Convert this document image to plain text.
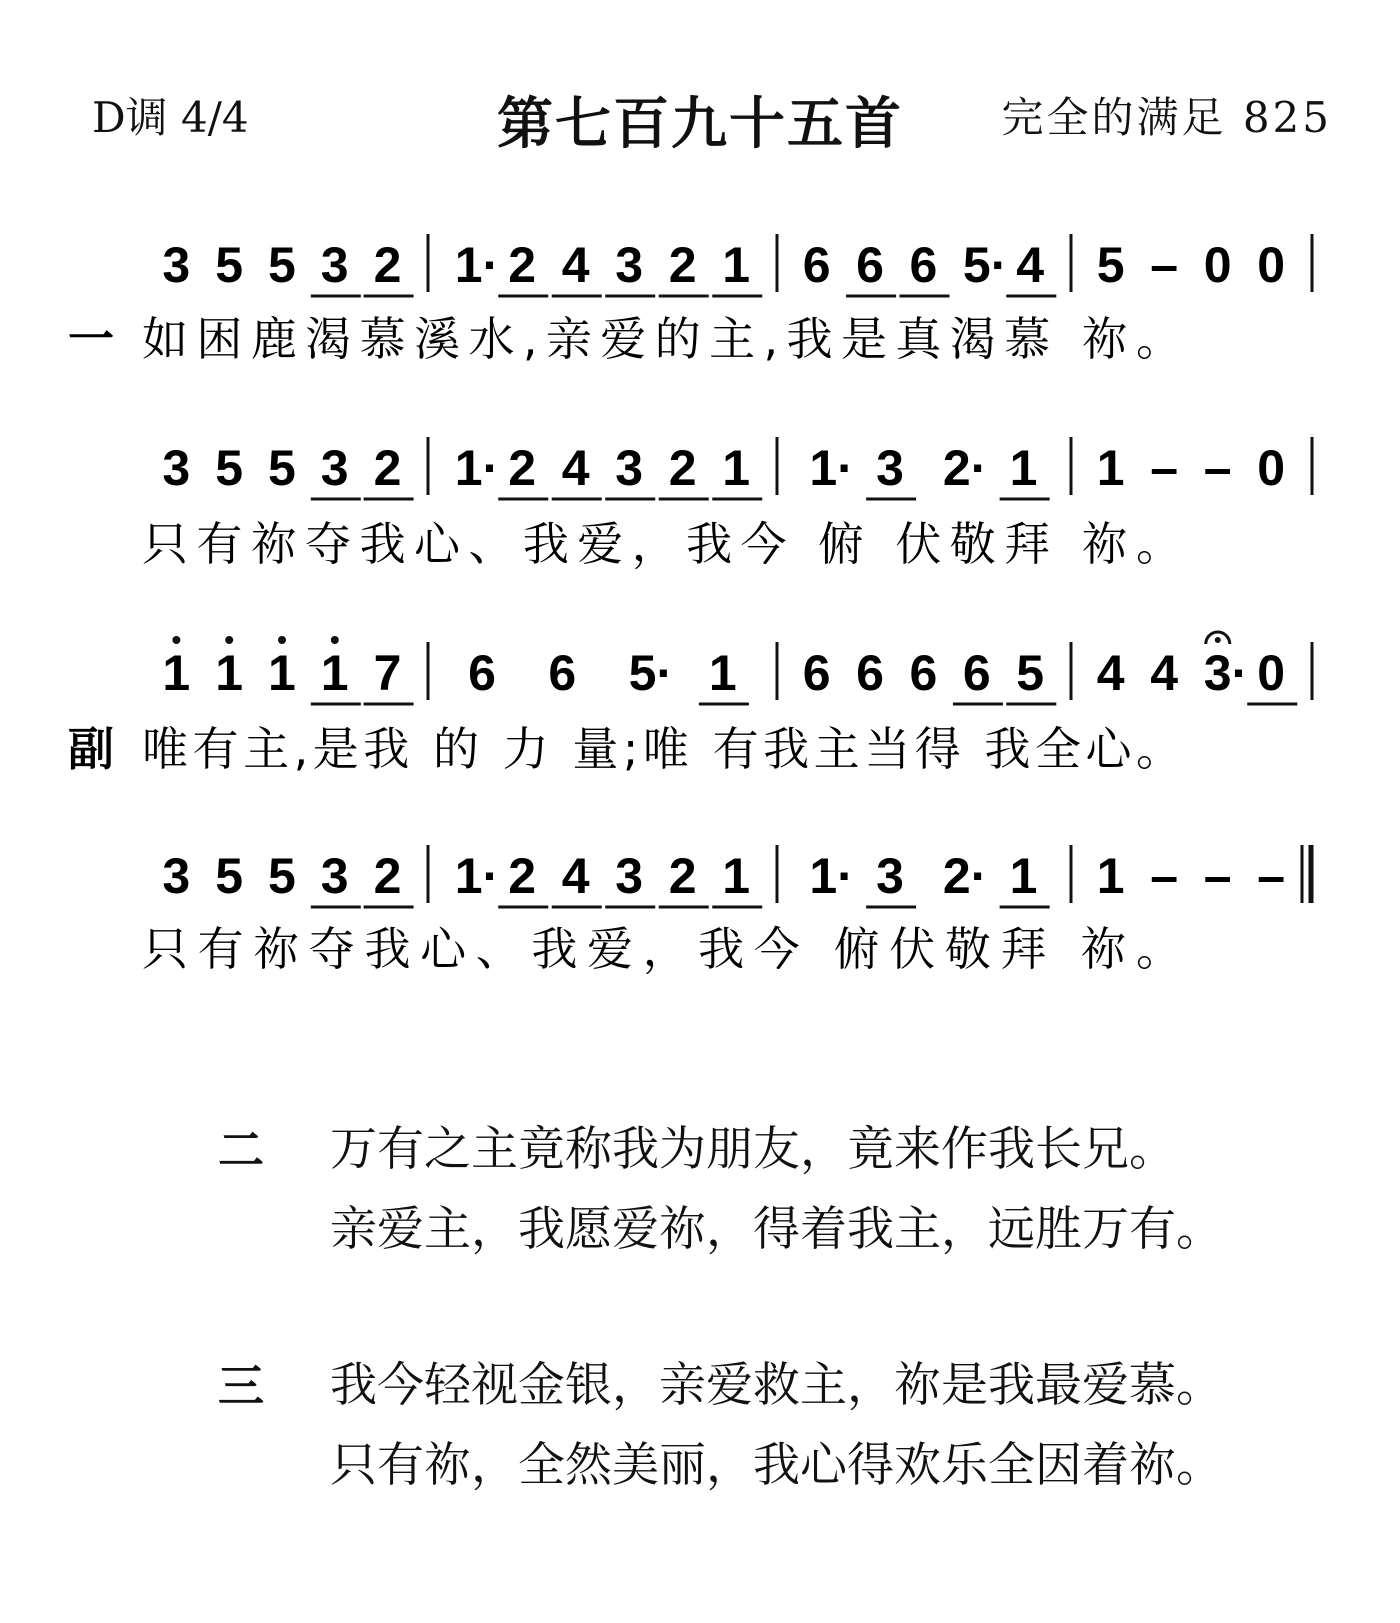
D调 4/4	第七百九十五首	完全的满足 825
一
3 5 5 3 2 1· 2 4 3 2 1 6 6 6 5· 4 5 – 0 0
如困鹿渴慕溪水,亲爱的主,我是真渴慕 祢。
3 5 5 3 2 1· 2 4 3 2 1 1· 3 2· 1 1 – – 0
只有祢夺我心、我爱，我今 俯 伏敬拜 祢。
副
1 1 1 1 7 6 6 5· 1 6 6 6 6 5 4 4 3· 0
唯有主,是我 的 力 量;唯 有我主当得 我全心。
3 5 5 3 2 1· 2 4 3 2 1 1· 3 2· 1 1 – – –
只有祢夺我心、我爱，我今 俯伏敬拜 祢。
二 万有之主竟称我为朋友，竟来作我长兄。
亲爱主，我愿爱祢，得着我主，远胜万有。
三 我今轻视金银，亲爱救主，祢是我最爱慕。
只有祢，全然美丽，我心得欢乐全因着祢。
